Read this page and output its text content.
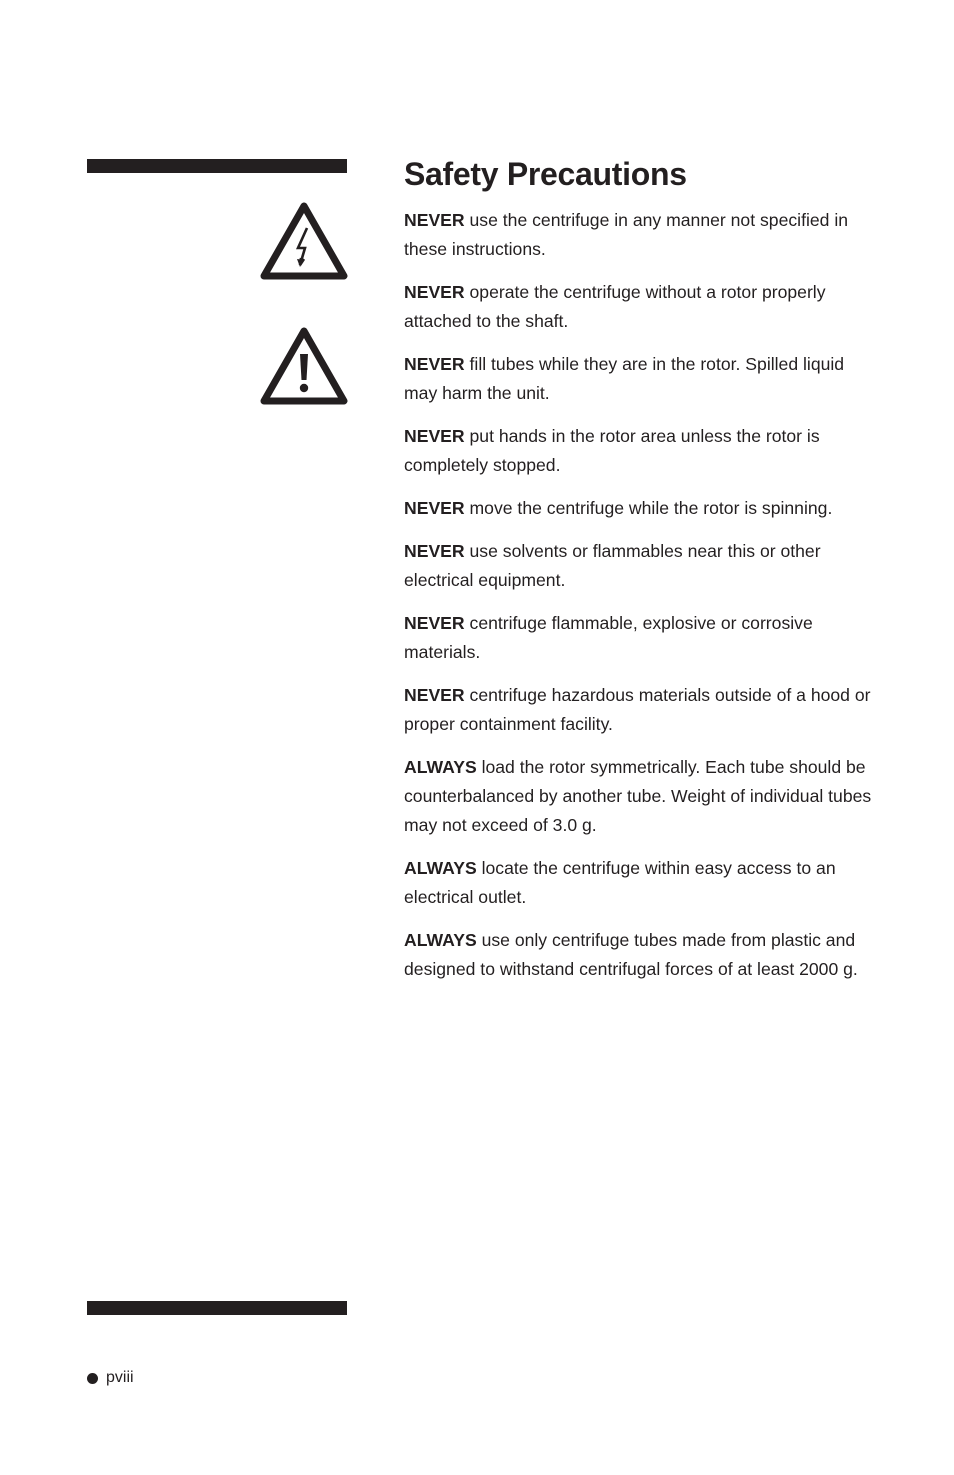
Safety Precautions
NEVER use the centrifuge in any manner not specified in these instructions.
NEVER operate the centrifuge without a rotor properly attached to the shaft.
NEVER fill tubes while they are in the rotor. Spilled liquid may harm the unit.
NEVER put hands in the rotor area unless the rotor is completely stopped.
NEVER move the centrifuge while the rotor is spinning.
NEVER use solvents or flammables near this or other electrical equipment.
NEVER centrifuge flammable, explosive or corrosive materials.
NEVER centrifuge hazardous materials outside of a hood or proper containment facility.
ALWAYS load the rotor symmetrically. Each tube should be counterbalanced by another tube. Weight of individual tubes may not exceed of 3.0 g.
ALWAYS locate the centrifuge within easy access to an electrical outlet.
ALWAYS use only centrifuge tubes made from plastic and designed to withstand centrifugal forces of at least 2000 g.
pviii
